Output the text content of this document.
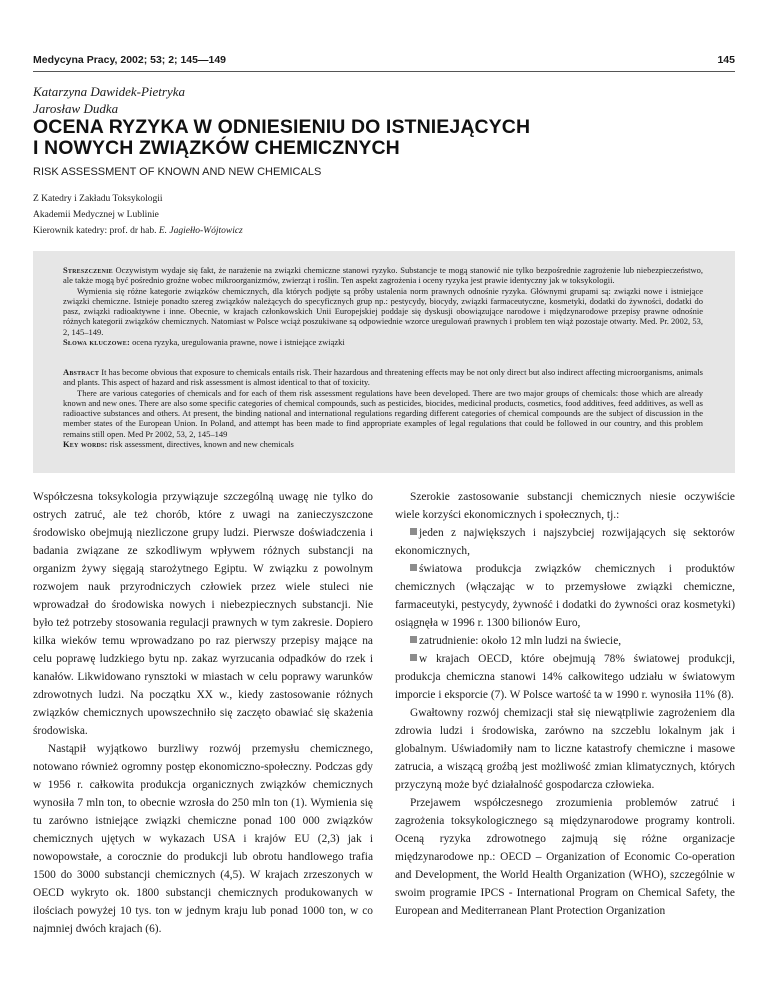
Medycyna Pracy, 2002; 53; 2; 145—149	145
Katarzyna Dawidek-Pietryka
Jarosław Dudka
OCENA RYZYKA W ODNIESIENIU DO ISTNIEJĄCYCH
I NOWYCH ZWIĄZKÓW CHEMICZNYCH
RISK ASSESSMENT OF KNOWN AND NEW CHEMICALS
Z Katedry i Zakładu Toksykologii
Akademii Medycznej w Lublinie
Kierownik katedry: prof. dr hab. E. Jagiełło-Wójtowicz

Streszczenie Oczywistym wydaje się fakt, że narażenie na związki chemiczne stanowi ryzyko. Substancje te mogą stanowić nie tylko bezpośrednie zagrożenie lub niebezpieczeństwo, ale także mogą być pośrednio groźne wobec mikroorganizmów, zwierząt i roślin. Ten aspekt zagrożenia i oceny ryzyka jest prawie identyczny jak w toksykologii.

Wymienia się różne kategorie związków chemicznych, dla których podjęte są próby ustalenia norm prawnych odnośnie ryzyka. Głównymi grupami są: związki nowe i istniejące związki chemiczne. Istnieje ponadto szereg związków należących do specyficznych grup np.: pestycydy, biocydy, związki farmaceutyczne, kosmetyki, dodatki do żywności, dodatki do pasz, związki radioaktywne i inne. Obecnie, w krajach członkowskich Unii Europejskiej poddaje się dyskusji obowiązujące narodowe i międzynarodowe przepisy prawne odnośnie różnych kategorii związków chemicznych. Natomiast w Polsce wciąż poszukiwane są odpowiednie wzorce uregulowań prawnych i problem ten wiąż pozostaje otwarty. Med. Pr. 2002, 53, 2, 145–149.

Słowa kluczowe: ocena ryzyka, uregulowania prawne, nowe i istniejące związki

Abstract It has become obvious that exposure to chemicals entails risk. Their hazardous and threatening effects may be not only direct but also indirect affecting microorganisms, animals and plants. This aspect of hazard and risk assessment is almost identical to that of toxicity.

There are various categories of chemicals and for each of them risk assessment regulations have been developed. There are two major groups of chemicals: those which are already known and new ones. There are also some specific categories of chemical compounds, such as pesticides, biocides, medicinal products, cosmetics, food additives, feed additives, as well as radioactive substances and others. At present, the binding national and international regulations regarding different categories of chemical compounds are the subject of discussion in the member states of the European Union. In Poland, and attempt has been made to find appropriate examples of legal regulations that could be followed in our country, and this problem remains still open. Med Pr 2002, 53, 2, 145–149

Key words: risk assessment, directives, known and new chemicals

Współczesna toksykologia przywiązuje szczególną uwagę nie tylko do ostrych zatruć, ale też chorób, które z uwagi na zanieczyszczone środowisko obejmują niezliczone grupy ludzi. Pierwsze doświadczenia i badania związane ze szkodliwym wpływem różnych substancji na organizm żywy sięgają starożytnego Egiptu. W związku z powolnym rozwojem nauk przyrodniczych człowiek przez wiele stuleci nie wprowadzał do środowiska nowych i niebezpiecznych substancji. Nie było też potrzeby stosowania regulacji prawnych w tym zakresie. Dopiero kilka wieków temu wprowadzano po raz pierwszy przepisy mające na celu poprawę ludzkiego bytu np. zakaz wyrzucania odpadków do rzek i kanałów. Likwidowano rynsztoki w miastach w celu poprawy warunków zdrowotnych ludzi. Na początku XX w., kiedy zastosowanie różnych związków chemicznych upowszechniło się zaczęto obawiać się skażenia środowiska.

Nastąpił wyjątkowo burzliwy rozwój przemysłu chemicznego, notowano również ogromny postęp ekonomiczno-społeczny. Podczas gdy w 1956 r. całkowita produkcja organicznych związków chemicznych wynosiła 7 mln ton, to obecnie wzrosła do 250 mln ton (1). Wymienia się tu zarówno istniejące związki chemiczne ponad 100 000 związków chemicznych ujętych w wykazach USA i krajów EU (2,3) jak i nowopowstałe, a corocznie do produkcji lub obrotu handlowego trafia 1500 do 3000 substancji chemicznych (4,5). W krajach zrzeszonych w OECD wykryto ok. 1800 substancji chemicznych produkowanych w ilościach powyżej 10 tys. ton w jednym kraju lub ponad 1000 ton, w co najmniej dwóch krajach (6).

Szerokie zastosowanie substancji chemicznych niesie oczywiście wiele korzyści ekonomicznych i społecznych, tj.:

jeden z największych i najszybciej rozwijających się sektorów ekonomicznych,

światowa produkcja związków chemicznych i produktów chemicznych (włączając w to przemysłowe związki chemiczne, farmaceutyki, pestycydy, żywność i dodatki do żywności oraz kosmetyki) osiągnęła w 1996 r. 1300 bilionów Euro,

zatrudnienie: około 12 mln ludzi na świecie,

w krajach OECD, które obejmują 78% światowej produkcji, produkcja chemiczna stanowi 14% całkowitego udziału w światowym imporcie i eksporcie (7). W Polsce wartość ta w 1990 r. wynosiła 11% (8).

Gwałtowny rozwój chemizacji stał się niewątpliwie zagrożeniem dla zdrowia ludzi i środowiska, zarówno na szczeblu lokalnym jak i globalnym. Uświadomiły nam to liczne katastrofy chemiczne i masowe zatrucia, a wiszącą groźbą jest możliwość zmian klimatycznych, których przyczyną może być działalność gospodarcza człowieka.

Przejawem współczesnego zrozumienia problemów zatruć i zagrożenia toksykologicznego są międzynarodowe programy kontroli. Oceną ryzyka zdrowotnego zajmują się różne organizacje międzynarodowe np.: OECD – Organization of Economic Co-operation and Development, the World Health Organization (WHO), szczególnie w swoim programie IPCS - International Program on Chemical Safety, the European and Mediterranean Plant Protection Organization
